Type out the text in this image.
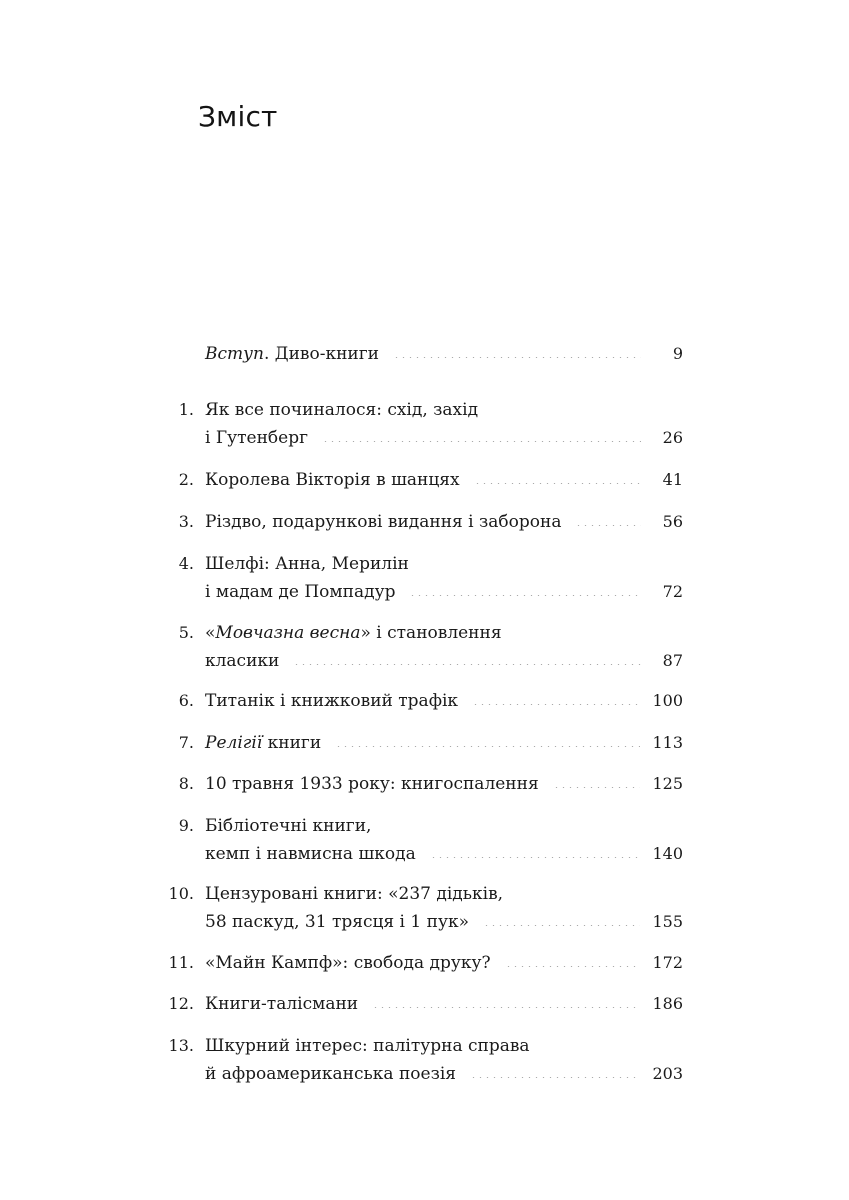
Зміст
Вступ. Диво-книги	9
1. Як все починалося: схід, захід
і Гутенберг	26
2. Королева Вікторія в шанцях	41
3. Різдво, подарункові видання і заборона	56
4. Шелфі: Анна, Мерилін
і мадам де Помпадур	72
5. «Мовчазна весна» і становлення
класики	87
6. Титанік і книжковий трафік	100
7. Релігії книги	113
8. 10 травня 1933 року: книгоспалення	125
9. Бібліотечні книги,
кемп і навмисна шкода	140
10. Цензуровані книги: «237 дідьків,
58 паскуд, 31 трясця і 1 пук»	155
11. «Майн Кампф»: свобода друку?	172
12. Книги-талісмани	186
13. Шкурний інтерес: палітурна справа
й афроамериканська поезія	203
